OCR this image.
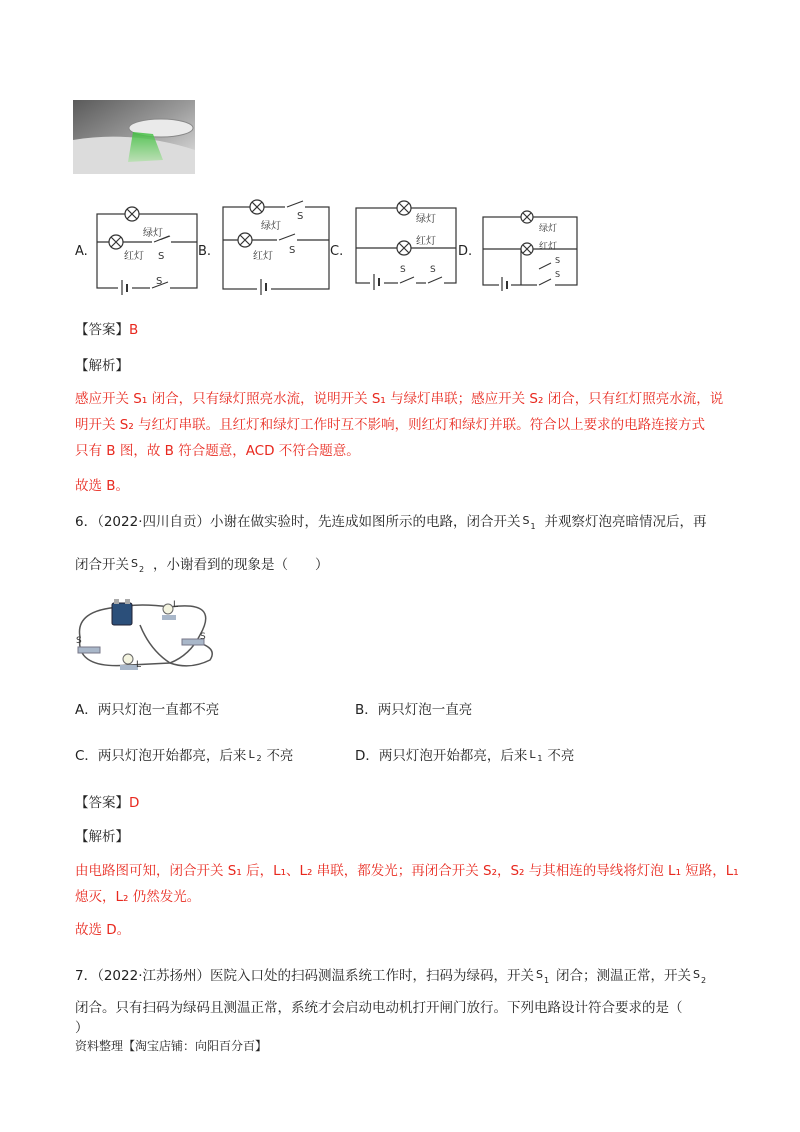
A.
绿灯
红灯 S
S
B.
绿灯
红灯
S
S	C.
绿灯
红灯
S	S
D.
绿灯
红灯
S
S
【答案】B
【解析】
感应开关 S₁ 闭合，只有绿灯照亮水流，说明开关 S₁ 与绿灯串联；感应开关 S₂ 闭合，只有红灯照亮水流，说
明开关 S₂ 与红灯串联。且红灯和绿灯工作时互不影响，则红灯和绿灯并联。符合以上要求的电路连接方式
只有 B 图，故 B 符合题意，ACD 不符合题意。
故选 B。
6．（2022·四川自贡）小谢在做实验时，先连成如图所示的电路，闭合开关 S 1 并观察灯泡亮暗情况后，再
闭合开关 S 2 ，小谢看到的现象是（　　）
L
S	S
L
A．两只灯泡一直都不亮	B．两只灯泡一直亮
C．两只灯泡开始都亮，后来 L 2 不亮	D．两只灯泡开始都亮，后来 L 1 不亮
【答案】D
【解析】
由电路图可知，闭合开关 S₁ 后，L₁、L₂ 串联，都发光；再闭合开关 S₂，S₂ 与其相连的导线将灯泡 L₁ 短路，L₁
熄灭，L₂ 仍然发光。
故选 D。
7．（2022·江苏扬州）医院入口处的扫码测温系统工作时，扫码为绿码，开关 S 1 闭合；测温正常，开关 S 2
闭合。只有扫码为绿码且测温正常，系统才会启动电动机打开闸门放行。下列电路设计符合要求的是（
）
资料整理【淘宝店铺：向阳百分百】
